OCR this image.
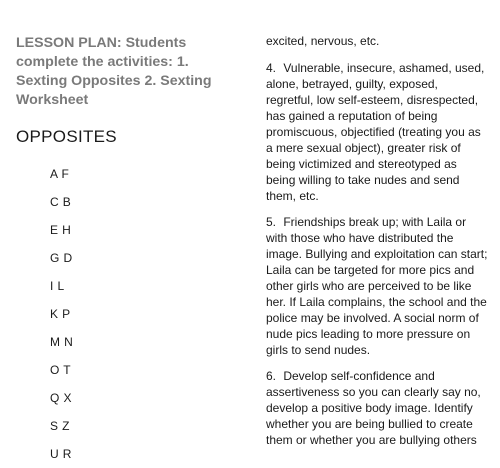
LESSON PLAN: Students complete the activities: 1. Sexting Opposites 2. Sexting Worksheet

OPPOSITES
A F
C B
E H
G D
I L
K P
M N
O T
Q X
S Z
U R

excited, nervous, etc.

4. Vulnerable, insecure, ashamed, used, alone, betrayed, guilty, exposed, regretful, low self-esteem, disrespected, has gained a reputation of being promiscuous, objectified (treating you as a mere sexual object), greater risk of being victimized and stereotyped as being willing to take nudes and send them, etc.

5. Friendships break up; with Laila or with those who have distributed the image. Bullying and exploitation can start; Laila can be targeted for more pics and other girls who are perceived to be like her. If Laila complains, the school and the police may be involved. A social norm of nude pics leading to more pressure on girls to send nudes.

6. Develop self-confidence and assertiveness so you can clearly say no, develop a positive body image. Identify whether you are being bullied to create them or whether you are bullying others
